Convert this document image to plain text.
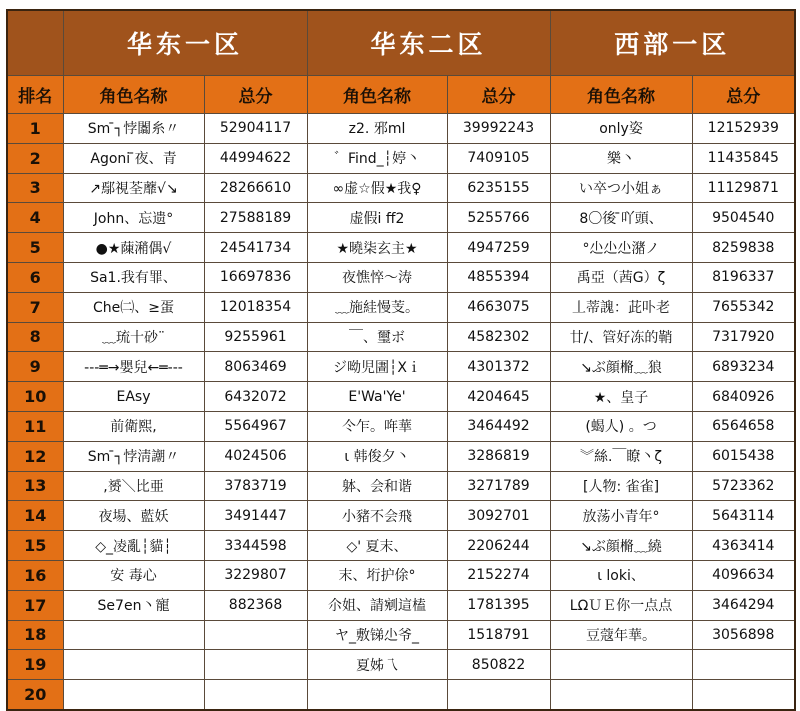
	华东一区		华东二区		西部一区	
排名	角色名称	总分	角色名称	总分	角色名称	总分
1	Sm ̄┐悖闟糸〃	52904117	z2. 邪ml	39992243	only姿	12152939
2	Agoni ̄夜、青	44994622	゛Find_┆婷丶	7409105	樂丶	11435845
3	↗鄢視荃蘼√↘	28266610	∞虚☆假★我♀	6235155	い卒つ小姐ぁ	11129871
4	John、忘遗°	27588189	虚假i ff2	5255766	8〇後 ̄吖頭、	9504540
5	●★蔯潲偶√	24541734	★曉柒玄主★	4947259	°尐尐尐潴ノ	8259838
6	Sa1.我有罪、	16697836	夜憔悴～涛	4855394	禹亞（茜G）ζ	8196337
7	Che㈡、≥蛋	12018354	﹏施絓慢芰。	4663075	丄蒂謉：茈卟老	7655342
8	﹏琉十砂¨	9255961	￣、璽ボ	4582302	廿/、管好冻的鞘	7317920
9	---═→嬰兒←═---	8063469	ジ呦児圕┆Χｉ	4301372	↘ぶ顔樇﹏狼	6893234
10	EAsy	6432072	E'Wa'Ye'	4204645	★、皇子	6840926
11	前衛熙,	5564967	仒乍。哖華	3464492	(蝎人) 。つ	6564658
12	Sm ̄┐悖淸謿〃	4024506	ι 韩俊夕丶	3286819	︾絲.￣瞭丶ζ	6015438
13	,赟＼比亜	3783719	躰、会和谐	3271789	[人物: 雀雀]	5723362
14	夜場、藍妖	3491447	小豬不会飛	3092701	放荡小青年°	5643114
15	◇_凌亂┆貓┆	3344598	◇' 夏末、	2206244	↘ぶ顔樇﹏繞	4363414
16	安 毒心	3229807	末、垳护俆°	2152274	ι loki、	4096634
17	Se7en丶寵	882368	尒姐、請剜這榼	1781395	LΩＵＥ你一点点	3464294
18			ヤ_敷锑尐爷_	1518791	豆蔻年華。	3056898
19			夏姊乁	850822		
20						
